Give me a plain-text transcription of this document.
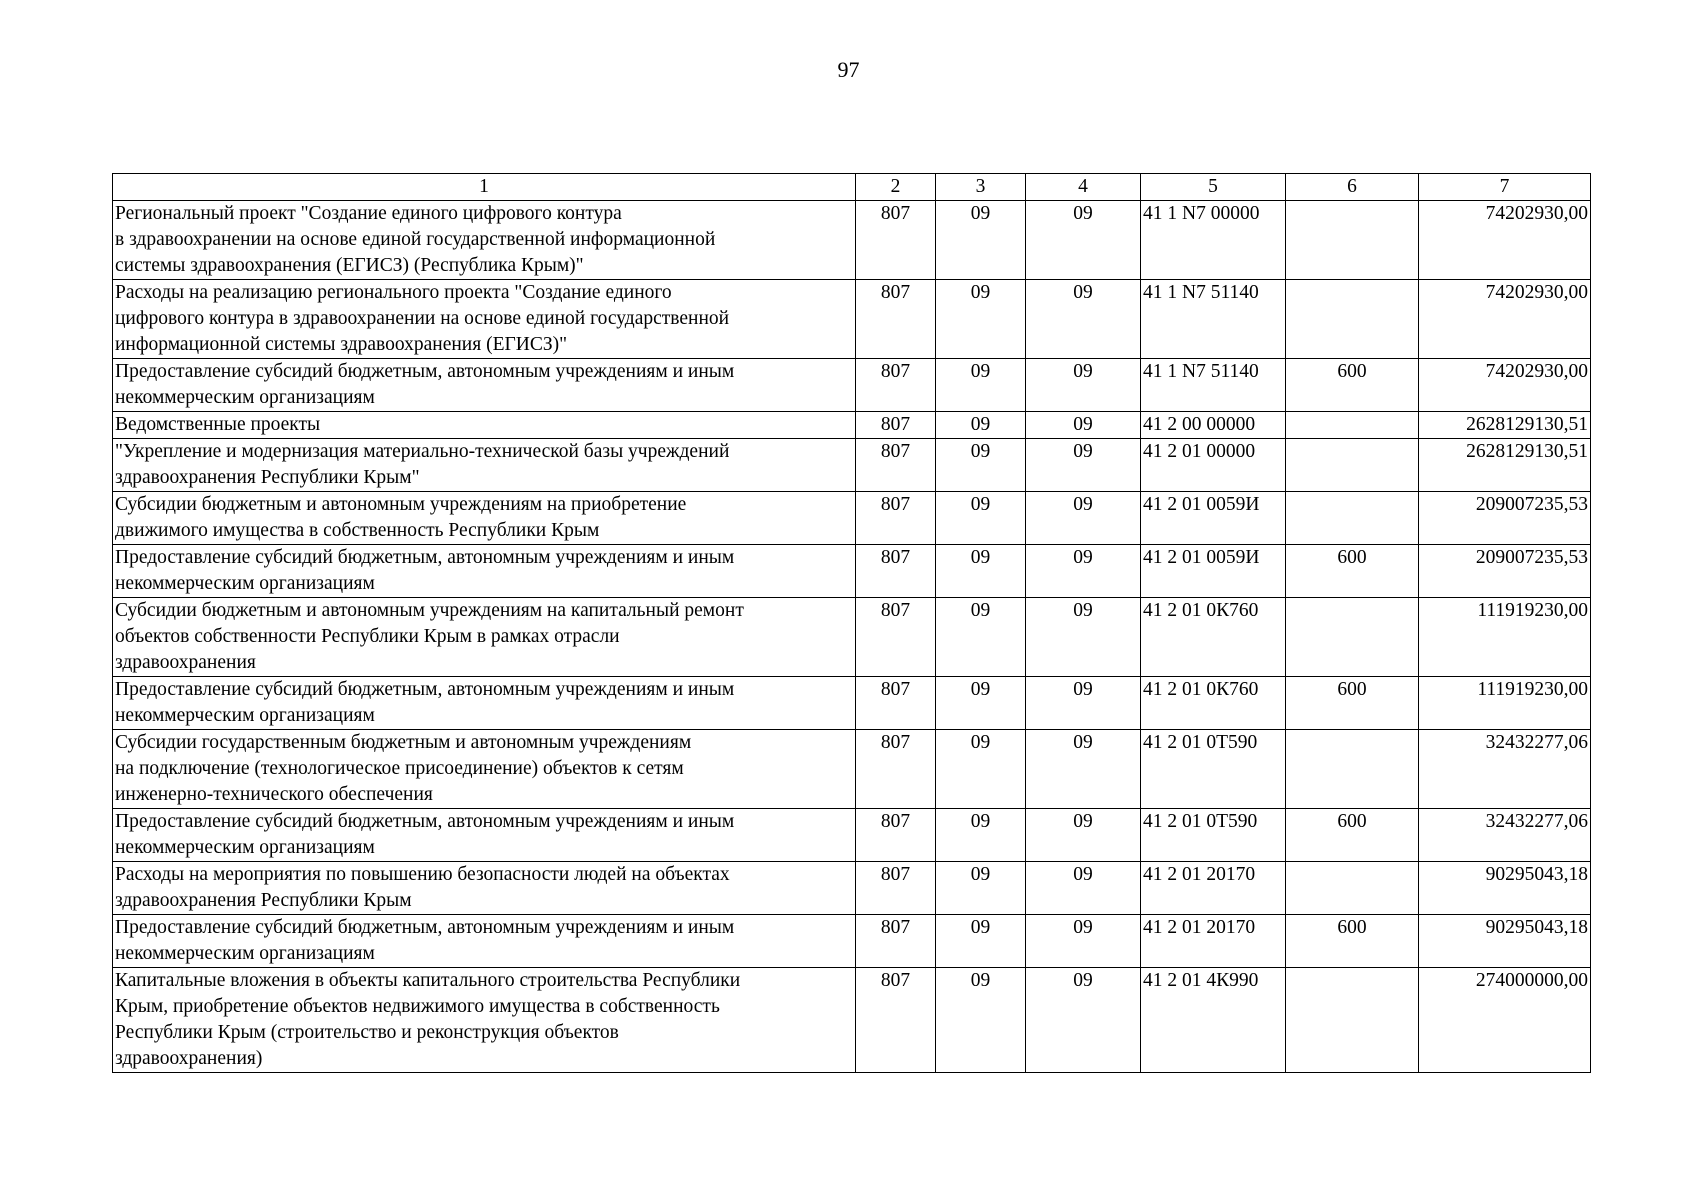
97
1	2	3	4	5	6	7
Региональный проект "Создание единого цифрового контура
в здравоохранении на основе единой государственной информационной
системы здравоохранения (ЕГИСЗ) (Республика Крым)"	807	09	09	41 1 N7 00000		74202930,00
Расходы на реализацию регионального проекта "Создание единого
цифрового контура в здравоохранении на основе единой государственной
информационной системы здравоохранения (ЕГИСЗ)"	807	09	09	41 1 N7 51140		74202930,00
Предоставление субсидий бюджетным, автономным учреждениям и иным
некоммерческим организациям	807	09	09	41 1 N7 51140	600	74202930,00
Ведомственные проекты	807	09	09	41 2 00 00000		2628129130,51
"Укрепление и модернизация материально-технической базы учреждений
здравоохранения Республики Крым"	807	09	09	41 2 01 00000		2628129130,51
Субсидии бюджетным и автономным учреждениям на приобретение
движимого имущества в собственность Республики Крым	807	09	09	41 2 01 0059И		209007235,53
Предоставление субсидий бюджетным, автономным учреждениям и иным
некоммерческим организациям	807	09	09	41 2 01 0059И	600	209007235,53
Субсидии бюджетным и автономным учреждениям на капитальный ремонт
объектов собственности Республики Крым в рамках отрасли
здравоохранения	807	09	09	41 2 01 0К760		111919230,00
Предоставление субсидий бюджетным, автономным учреждениям и иным
некоммерческим организациям	807	09	09	41 2 01 0К760	600	111919230,00
Субсидии государственным бюджетным и автономным учреждениям
на подключение (технологическое присоединение) объектов к сетям
инженерно-технического обеспечения	807	09	09	41 2 01 0Т590		32432277,06
Предоставление субсидий бюджетным, автономным учреждениям и иным
некоммерческим организациям	807	09	09	41 2 01 0Т590	600	32432277,06
Расходы на мероприятия по повышению безопасности людей на объектах
здравоохранения Республики Крым	807	09	09	41 2 01 20170		90295043,18
Предоставление субсидий бюджетным, автономным учреждениям и иным
некоммерческим организациям	807	09	09	41 2 01 20170	600	90295043,18
Капитальные вложения в объекты капитального строительства Республики
Крым, приобретение объектов недвижимого имущества в собственность
Республики Крым (строительство и реконструкция объектов
здравоохранения)	807	09	09	41 2 01 4К990		274000000,00
